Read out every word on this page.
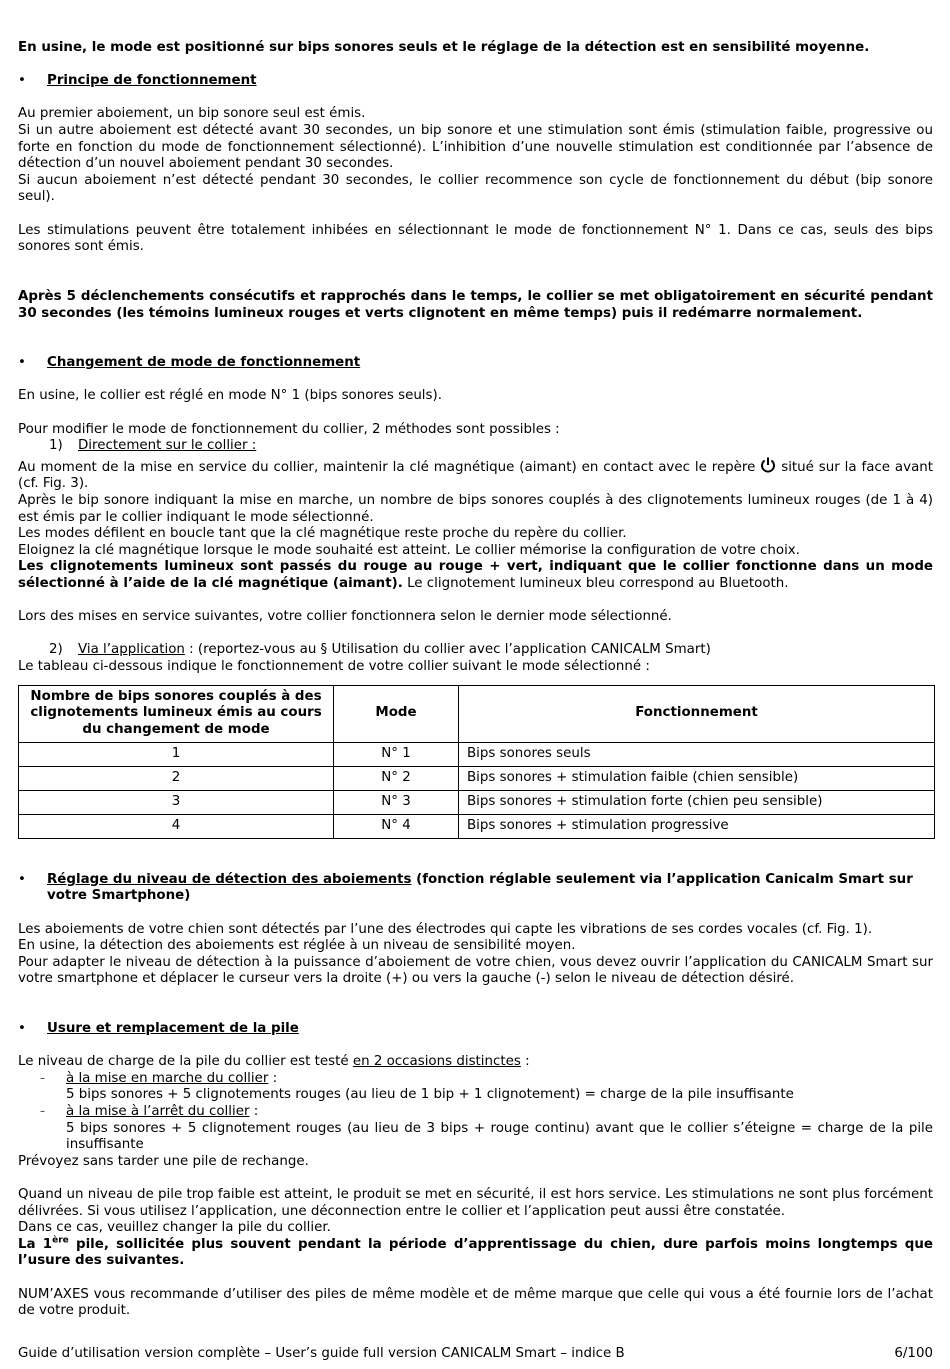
En usine, le mode est positionné sur bips sonores seuls et le réglage de la détection est en sensibilité moyenne.

•	Principe de fonctionnement

Au premier aboiement, un bip sonore seul est émis.

Si un autre aboiement est détecté avant 30 secondes, un bip sonore et une stimulation sont émis (stimulation faible, progressive ou forte en fonction du mode de fonctionnement sélectionné). L’inhibition d’une nouvelle stimulation est conditionnée par l’absence de détection d’un nouvel aboiement pendant 30 secondes.

Si aucun aboiement n’est détecté pendant 30 secondes, le collier recommence son cycle de fonctionnement du début (bip sonore seul).

Les stimulations peuvent être totalement inhibées en sélectionnant le mode de fonctionnement N° 1. Dans ce cas, seuls des bips sonores sont émis.

Après 5 déclenchements consécutifs et rapprochés dans le temps, le collier se met obligatoirement en sécurité pendant 30 secondes (les témoins lumineux rouges et verts clignotent en même temps) puis il redémarre normalement.

•	Changement de mode de fonctionnement

En usine, le collier est réglé en mode N° 1 (bips sonores seuls).

Pour modifier le mode de fonctionnement du collier, 2 méthodes sont possibles :

1) Directement sur le collier :

Au moment de la mise en service du collier, maintenir la clé magnétique (aimant) en contact avec le repère situé sur la face avant (cf. Fig. 3).

Après le bip sonore indiquant la mise en marche, un nombre de bips sonores couplés à des clignotements lumineux rouges (de 1 à 4) est émis par le collier indiquant le mode sélectionné.

Les modes défilent en boucle tant que la clé magnétique reste proche du repère du collier.

Eloignez la clé magnétique lorsque le mode souhaité est atteint. Le collier mémorise la configuration de votre choix.

Les clignotements lumineux sont passés du rouge au rouge + vert, indiquant que le collier fonctionne dans un mode sélectionné à l’aide de la clé magnétique (aimant). Le clignotement lumineux bleu correspond au Bluetooth.

Lors des mises en service suivantes, votre collier fonctionnera selon le dernier mode sélectionné.

2) Via l’application : (reportez-vous au § Utilisation du collier avec l’application CANICALM Smart)

Le tableau ci-dessous indique le fonctionnement de votre collier suivant le mode sélectionné :

Nombre de bips sonores couplés à des clignotements lumineux émis au cours du changement de mode	Mode	Fonctionnement
1	N° 1	Bips sonores seuls
2	N° 2	Bips sonores + stimulation faible (chien sensible)
3	N° 3	Bips sonores + stimulation forte (chien peu sensible)
4	N° 4	Bips sonores + stimulation progressive
•	Réglage du niveau de détection des aboiements (fonction réglable seulement via l’application Canicalm Smart sur votre Smartphone)

Les aboiements de votre chien sont détectés par l’une des électrodes qui capte les vibrations de ses cordes vocales (cf. Fig. 1).

En usine, la détection des aboiements est réglée à un niveau de sensibilité moyen.

Pour adapter le niveau de détection à la puissance d’aboiement de votre chien, vous devez ouvrir l’application du CANICALM Smart sur votre smartphone et déplacer le curseur vers la droite (+) ou vers la gauche (-) selon le niveau de détection désiré.

•	Usure et remplacement de la pile

Le niveau de charge de la pile du collier est testé en 2 occasions distinctes :

–	à la mise en marche du collier :

5 bips sonores + 5 clignotements rouges (au lieu de 1 bip + 1 clignotement) = charge de la pile insuffisante

–	à la mise à l’arrêt du collier :

5 bips sonores + 5 clignotement rouges (au lieu de 3 bips + rouge continu) avant que le collier s’éteigne = charge de la pile insuffisante

Prévoyez sans tarder une pile de rechange.

Quand un niveau de pile trop faible est atteint, le produit se met en sécurité, il est hors service. Les stimulations ne sont plus forcément délivrées. Si vous utilisez l’application, une déconnection entre le collier et l’application peut aussi être constatée.

Dans ce cas, veuillez changer la pile du collier.

La 1ère pile, sollicitée plus souvent pendant la période d’apprentissage du chien, dure parfois moins longtemps que l’usure des suivantes.

NUM’AXES vous recommande d’utiliser des piles de même modèle et de même marque que celle qui vous a été fournie lors de l’achat de votre produit.

Guide d’utilisation version complète – User’s guide full version CANICALM Smart – indice B	6/100
